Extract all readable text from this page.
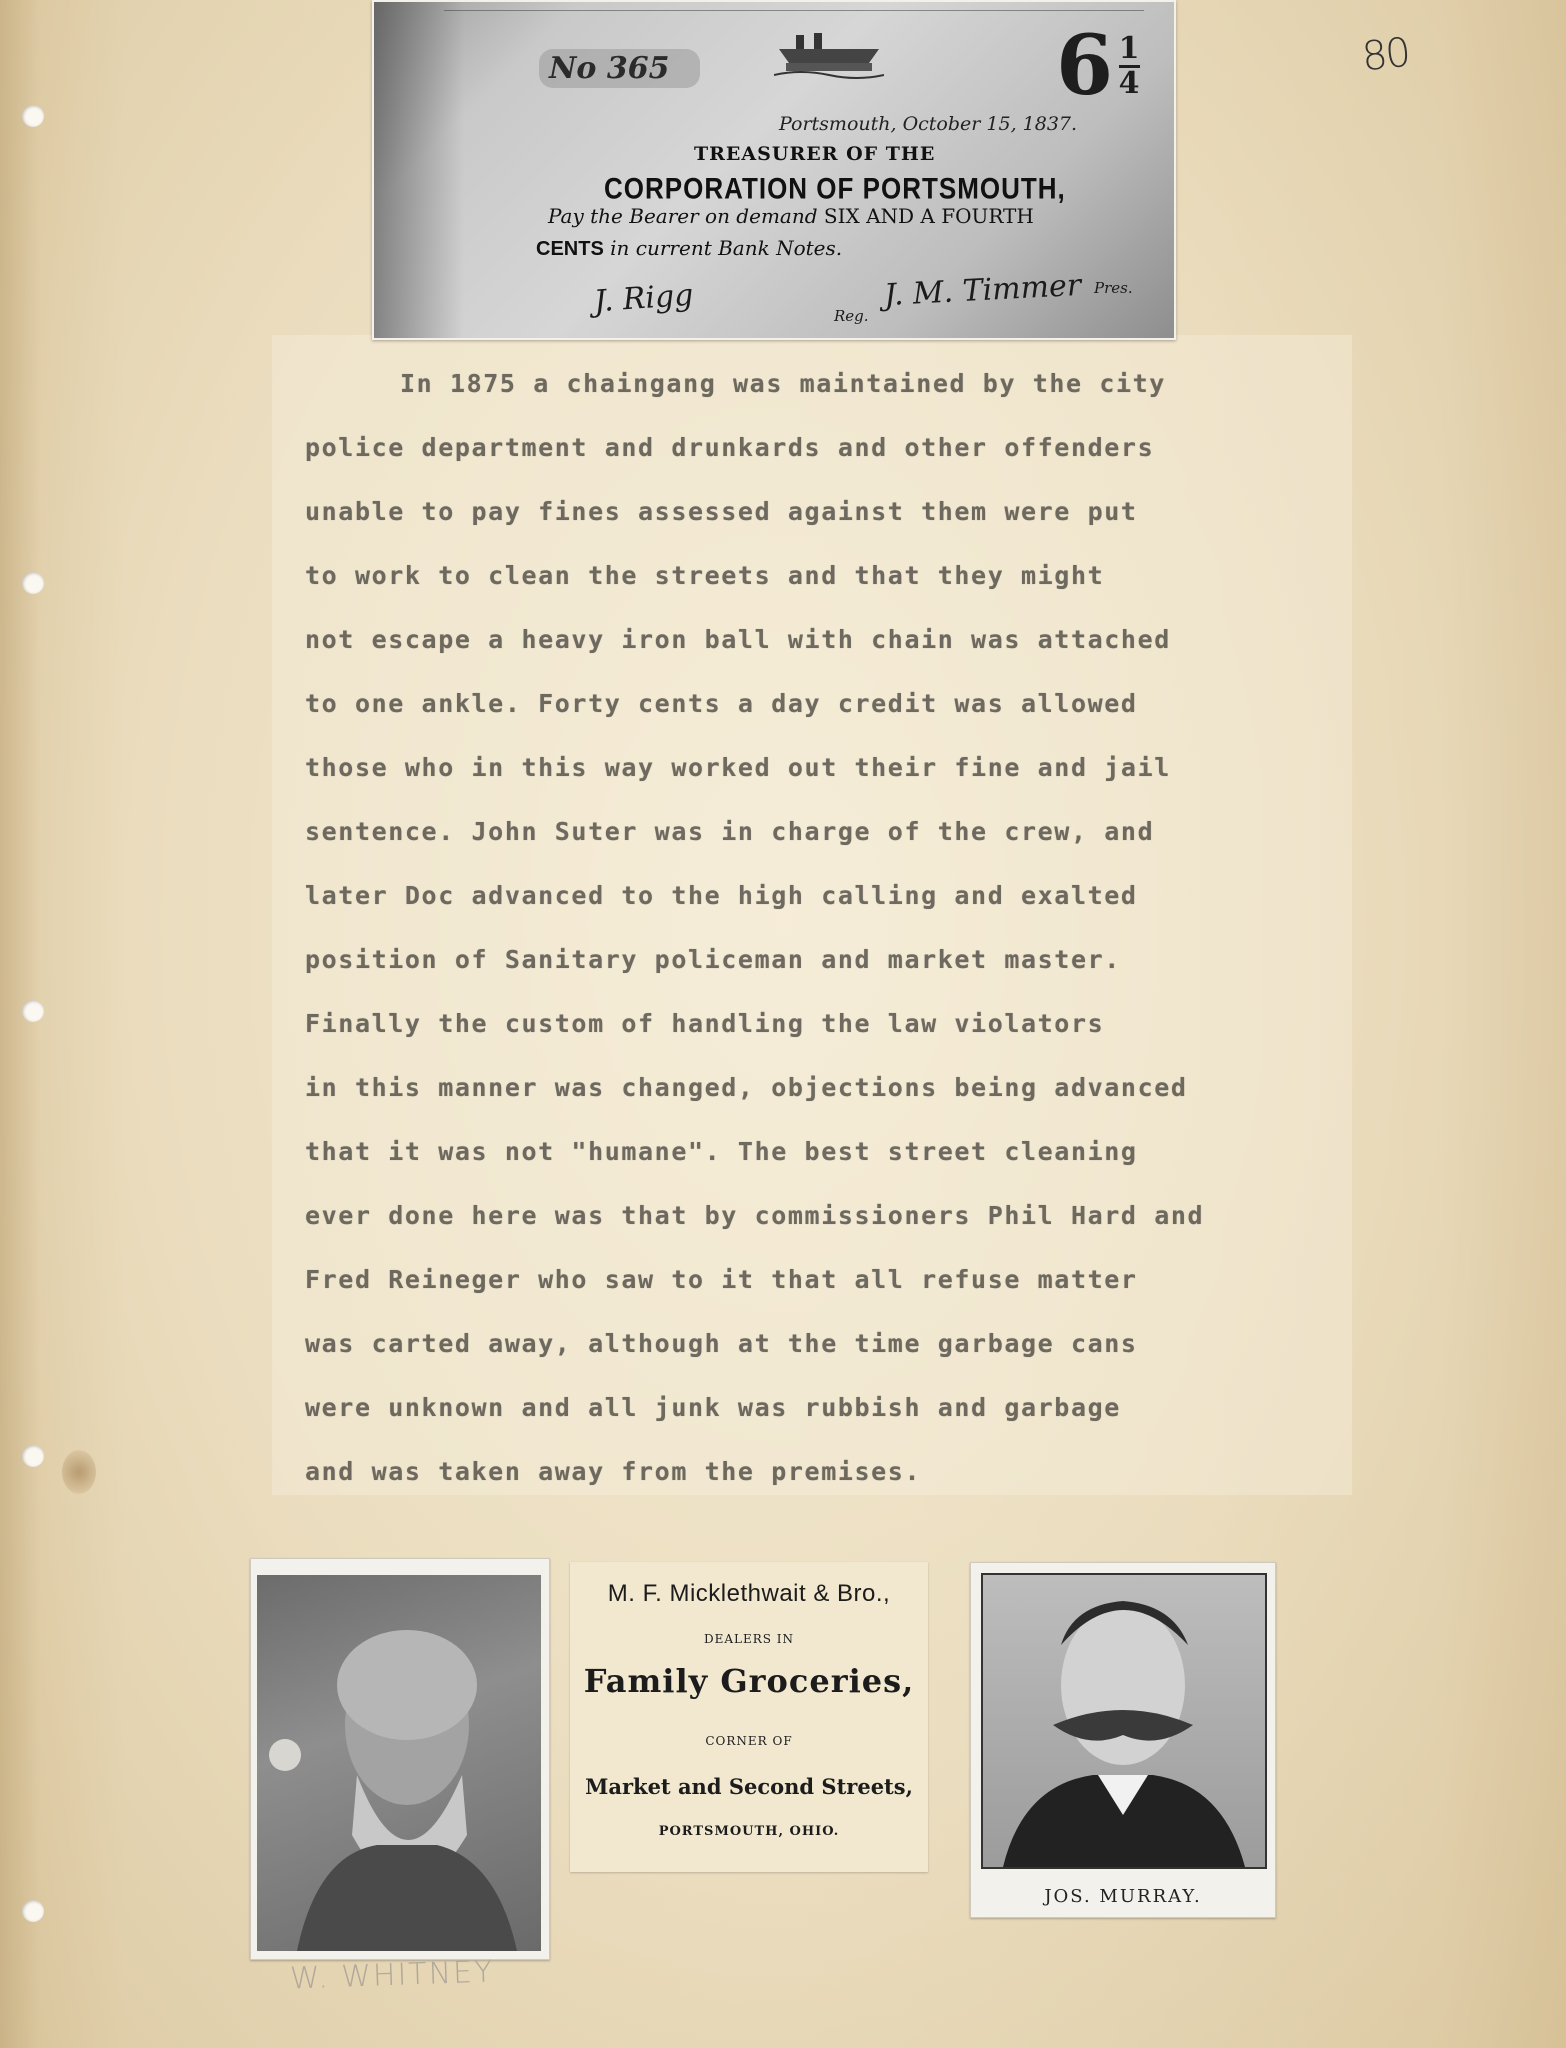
80
No 365	$6 \frac{1}{4}$
Portsmouth, October 15, 1837.
TREASURER OF THE
CORPORATION OF PORTSMOUTH,
Pay the Bearer on demand SIX AND A FOURTH
CENTS in current Bank Notes.
J. Rigg	Reg.
J. M. Timmer Pres.
In 1875 a chaingang was maintained by the city
police department and drunkards and other offenders
unable to pay fines assessed against them were put
to work to clean the streets and that they might
not escape a heavy iron ball with chain was attached
to one ankle. Forty cents a day credit was allowed
those who in this way worked out their fine and jail
sentence. John Suter was in charge of the crew, and
later Doc advanced to the high calling and exalted
position of Sanitary policeman and market master.
Finally the custom of handling the law violators
in this manner was changed, objections being advanced
that it was not "humane". The best street cleaning
ever done here was that by commissioners Phil Hard and
Fred Reineger who saw to it that all refuse matter
was carted away, although at the time garbage cans
were unknown and all junk was rubbish and garbage
and was taken away from the premises.
M. F. Micklethwait & Bro.,
DEALERS IN
Family Groceries,
CORNER OF
Market and Second Streets,
PORTSMOUTH, OHIO.
JOS. MURRAY.
W. WHITNEY
